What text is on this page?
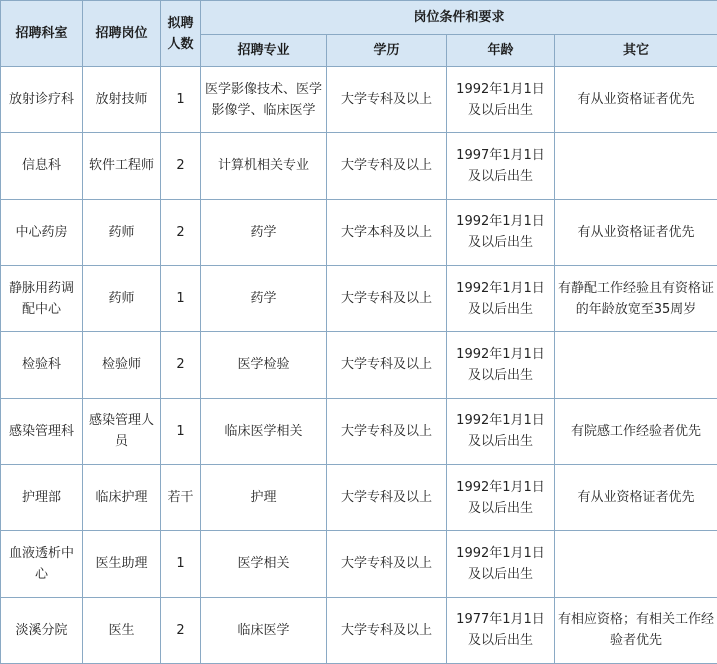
招聘科室	招聘岗位	拟聘人数	岗位条件和要求			
			招聘专业	学历	年龄	其它
放射诊疗科	放射技师	1	医学影像技术、医学影像学、临床医学	大学专科及以上	1992年1月1日及以后出生	有从业资格证者优先
信息科	软件工程师	2	计算机相关专业	大学专科及以上	1997年1月1日及以后出生	
中心药房	药师	2	药学	大学本科及以上	1992年1月1日及以后出生	有从业资格证者优先
静脉用药调配中心	药师	1	药学	大学专科及以上	1992年1月1日及以后出生	有静配工作经验且有资格证的年龄放宽至35周岁
检验科	检验师	2	医学检验	大学专科及以上	1992年1月1日及以后出生	
感染管理科	感染管理人员	1	临床医学相关	大学专科及以上	1992年1月1日及以后出生	有院感工作经验者优先
护理部	临床护理	若干	护理	大学专科及以上	1992年1月1日及以后出生	有从业资格证者优先
血液透析中心	医生助理	1	医学相关	大学专科及以上	1992年1月1日及以后出生	
淡溪分院	医生	2	临床医学	大学专科及以上	1977年1月1日及以后出生	有相应资格；有相关工作经验者优先
